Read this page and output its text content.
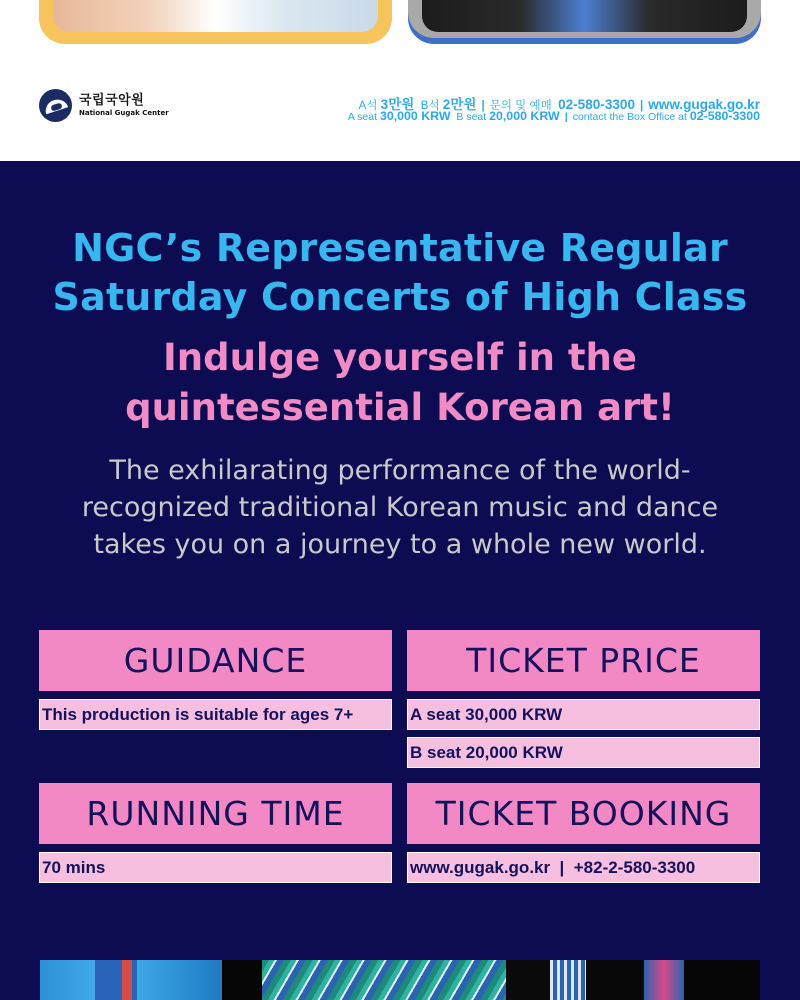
국립국악원
National Gugak Center
A석 3만원 B석 2만원 | 문의 및 예매 02-580-3300 | www.gugak.go.kr
A seat 30,000 KRW B seat 20,000 KRW | contact the Box Office at 02-580-3300
NGC’s Representative Regular
Saturday Concerts of High Class
Indulge yourself in the
quintessential Korean art!
The exhilarating performance of the world-
recognized traditional Korean music and dance
takes you on a journey to a whole new world.
GUIDANCE
This production is suitable for ages 7+
TICKET PRICE
A seat 30,000 KRW
B seat 20,000 KRW
RUNNING TIME
70 mins
TICKET BOOKING
www.gugak.go.kr  |  +82-2-580-3300
